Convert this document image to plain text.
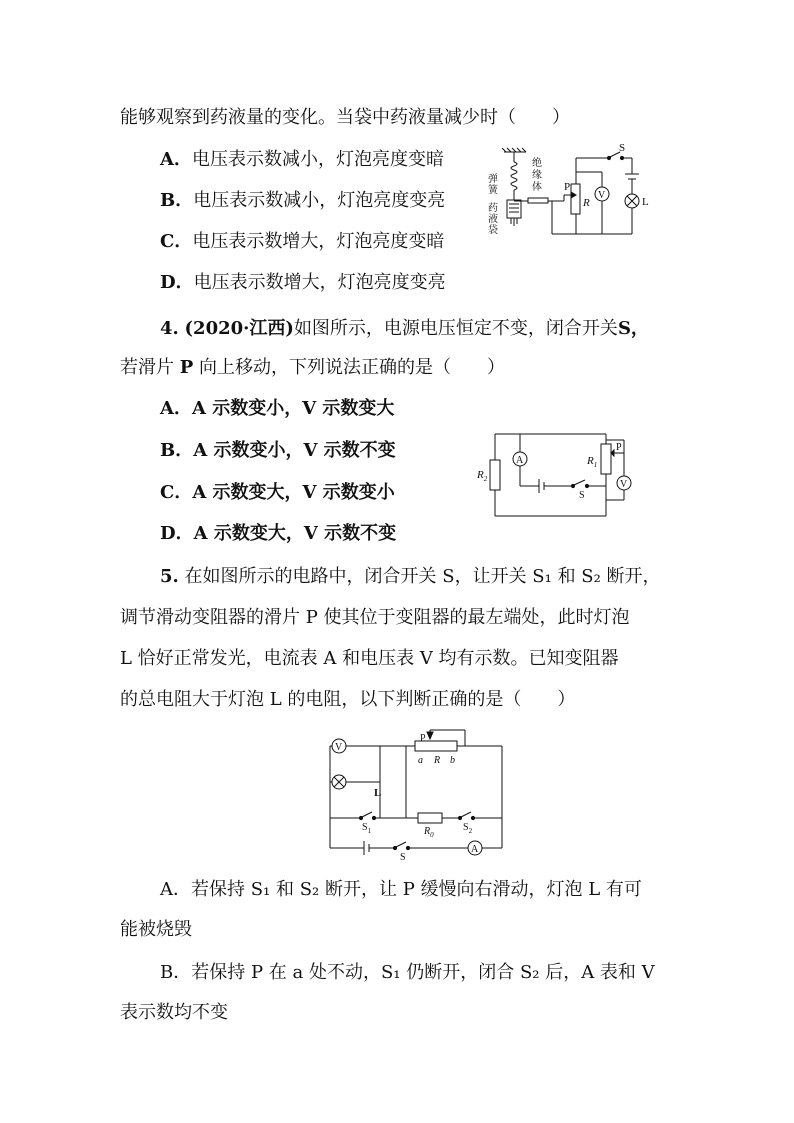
能够观察到药液量的变化。当袋中药液量减少时（　　）
A．电压表示数减小，灯泡亮度变暗
B．电压表示数减小，灯泡亮度变亮
C．电压表示数增大，灯泡亮度变暗
D．电压表示数增大，灯泡亮度变亮
弹
簧
药
液
袋
绝
缘
体 P
R
V
S
L
4. (2020·江西)如图所示，电源电压恒定不变，闭合开关S，
若滑片 P 向上移动，下列说法正确的是（　　）
A．A 示数变小，V 示数变大
B．A 示数变小，V 示数不变
C．A 示数变大，V 示数变小
D．A 示数变大，V 示数不变
$R_2$
A	$R_1$
P
V
S
5. 在如图所示的电路中，闭合开关 S，让开关 S₁ 和 S₂ 断开，
调节滑动变阻器的滑片 P 使其位于变阻器的最左端处，此时灯泡
L 恰好正常发光，电流表 A 和电压表 V 均有示数。已知变阻器
的总电阻大于灯泡 L 的电阻，以下判断正确的是（　　）
V
P
a R b
L
$S_1$	$R_0$
$S_2$
S
A
A．若保持 S₁ 和 S₂ 断开，让 P 缓慢向右滑动，灯泡 L 有可
能被烧毁
B．若保持 P 在 a 处不动，S₁ 仍断开，闭合 S₂ 后，A 表和 V
表示数均不变
